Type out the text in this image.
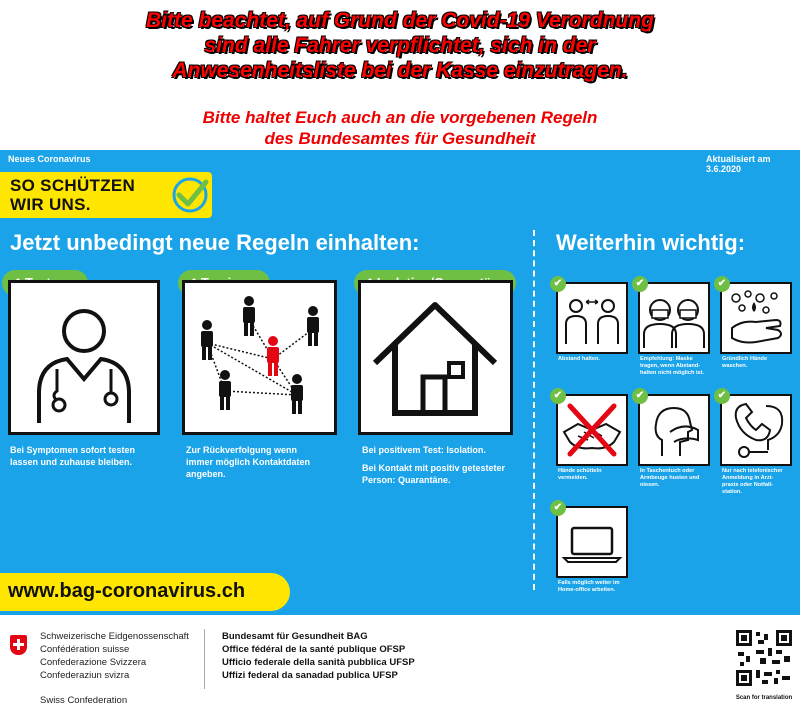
Bitte beachtet, auf Grund der Covid-19 Verordnung
sind alle Fahrer verpflichtet, sich in der
Anwesenheitsliste bei der Kasse einzutragen.
Bitte haltet Euch auch an die vorgebenen Regeln
des Bundesamtes für Gesundheit
Neues Coronavirus	Aktualisiert am 3.6.2020
SO SCHÜTZEN
WIR UNS.
Jetzt unbedingt neue Regeln einhalten:	Weiterhin wichtig:
Bei Symptomen sofort testen
lassen und zuhause bleiben.
Zur Rückverfolgung wenn
immer möglich Kontaktdaten
angeben.
Bei positivem Test: Isolation.
Bei Kontakt mit positiv getesteter
Person: Quarantäne.
✔
Abstand halten.
✔
Empfehlung: Maske
tragen, wenn Abstand-
halten nicht möglich ist.
✔
Gründlich Hände
waschen.
✔
Hände schütteln
vermeiden.
✔
In Taschentuch oder
Armbeuge husten und
niesen.
✔
Nur nach telefonischer
Anmeldung in Arzt-
praxis oder Notfall-
station.
✔
Falls möglich weiter im
Home-office arbeiten.
www.bag-coronavirus.ch
Schweizerische Eidgenossenschaft
Confédération suisse
Confederazione Svizzera
Confederaziun svizra
Swiss Confederation
Bundesamt für Gesundheit BAG
Office fédéral de la santé publique OFSP
Ufficio federale della sanità pubblica UFSP
Uffizi federal da sanadad publica UFSP
Scan for translation
